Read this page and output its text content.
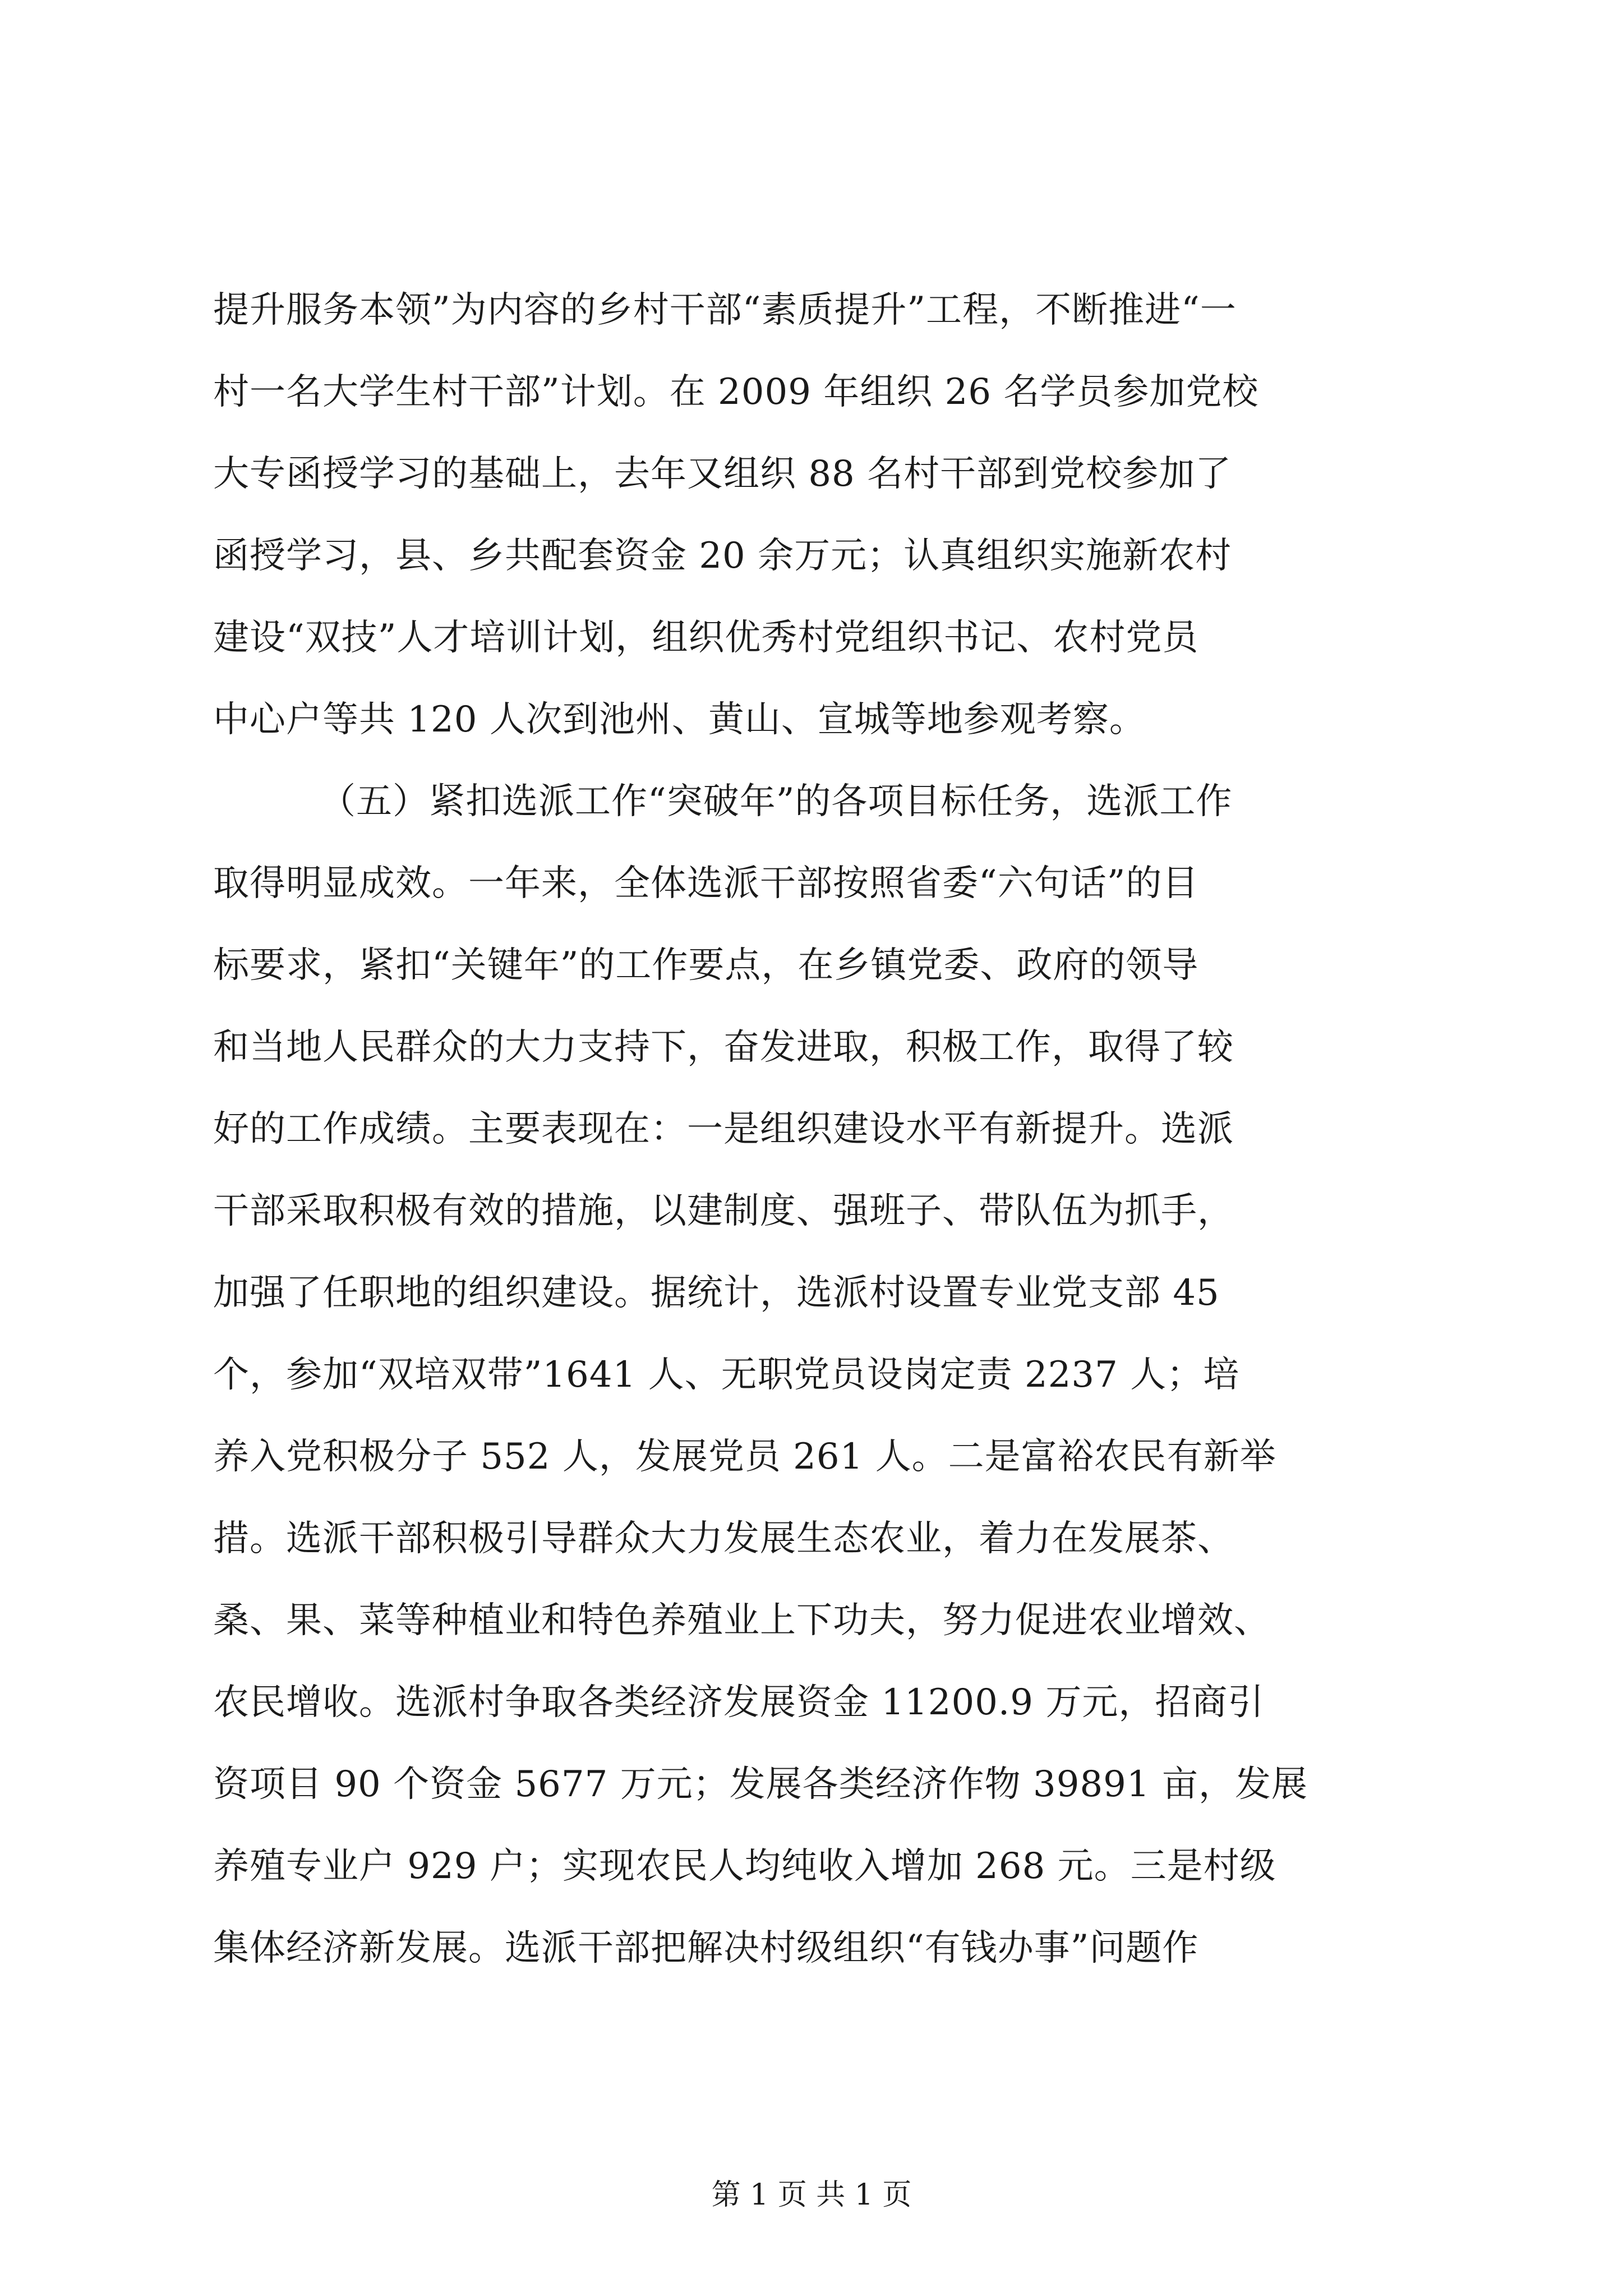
提升服务本领”为内容的乡村干部“素质提升”工程，不断推进“一
村一名大学生村干部”计划。在 2009 年组织 26 名学员参加党校
大专函授学习的基础上，去年又组织 88 名村干部到党校参加了
函授学习，县、乡共配套资金 20 余万元；认真组织实施新农村
建设“双技”人才培训计划，组织优秀村党组织书记、农村党员
中心户等共 120 人次到池州、黄山、宣城等地参观考察。
（五）紧扣选派工作“突破年”的各项目标任务，选派工作
取得明显成效。一年来，全体选派干部按照省委“六句话”的目
标要求，紧扣“关键年”的工作要点，在乡镇党委、政府的领导
和当地人民群众的大力支持下，奋发进取，积极工作，取得了较
好的工作成绩。主要表现在：一是组织建设水平有新提升。选派
干部采取积极有效的措施，以建制度、强班子、带队伍为抓手，
加强了任职地的组织建设。据统计，选派村设置专业党支部 45
个，参加“双培双带”1641 人、无职党员设岗定责 2237 人；培
养入党积极分子 552 人，发展党员 261 人。二是富裕农民有新举
措。选派干部积极引导群众大力发展生态农业，着力在发展茶、
桑、果、菜等种植业和特色养殖业上下功夫，努力促进农业增效、
农民增收。选派村争取各类经济发展资金 11200.9 万元，招商引
资项目 90 个资金 5677 万元；发展各类经济作物 39891 亩，发展
养殖专业户 929 户；实现农民人均纯收入增加 268 元。三是村级
集体经济新发展。选派干部把解决村级组织“有钱办事”问题作
第 1 页 共 1 页
